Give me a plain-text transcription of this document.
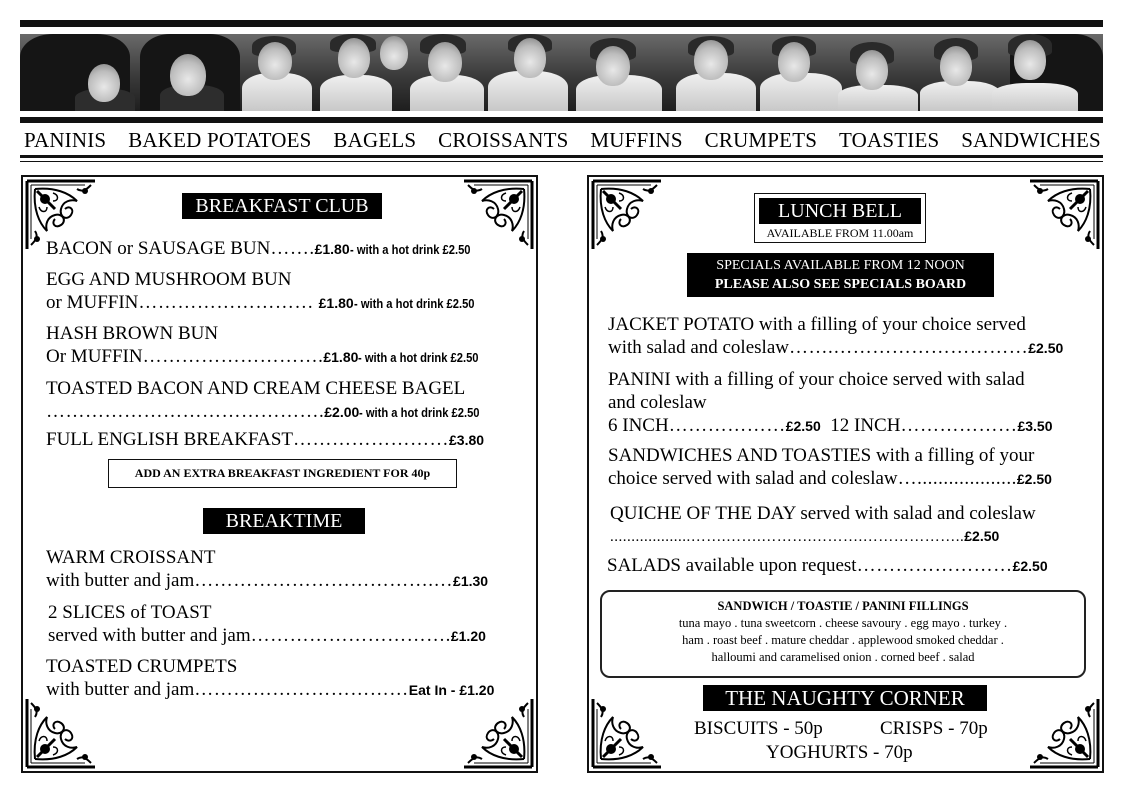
PANINIS BAKED POTATOES BAGELS CROISSANTS MUFFINS CRUMPETS TOASTIES SANDWICHES
BREAKFAST CLUB
BACON or SAUSAGE BUN…….£1.80- with a hot drink £2.50
EGG AND MUSHROOM BUN
or MUFFIN……………………… £1.80- with a hot drink £2.50
HASH BROWN BUN
Or MUFFIN……………………….£1.80- with a hot drink £2.50
TOASTED BACON AND CREAM CHEESE BAGEL
…………………………………….£2.00- with a hot drink £2.50
FULL ENGLISH BREAKFAST……………………£3.80
ADD AN EXTRA BREAKFAST INGREDIENT FOR 40p
BREAKTIME
WARM CROISSANT
with butter and jam……………………………….…£1.30
2 SLICES of TOAST
served with butter and jam………………………….£1.20
TOASTED CRUMPETS
with butter and jam……………………………Eat In - £1.20
LUNCH BELL
AVAILABLE FROM 11.00am
SPECIALS AVAILABLE FROM 12 NOON
PLEASE ALSO SEE SPECIALS BOARD
JACKET POTATO with a filling of your choice served
with salad and coleslaw…….…………………………£2.50
PANINI with a filling of your choice served with salad
and coleslaw
6 INCH………………£2.50 12 INCH………………£3.50
SANDWICHES AND TOASTIES with a filling of your
choice served with salad and coleslaw…...................£2.50
QUICHE OF THE DAY served with salad and coleslaw
...................…….…….……….……….………………..£2.50
SALADS available upon request……………………£2.50
SANDWICH / TOASTIE / PANINI FILLINGS
tuna mayo . tuna sweetcorn . cheese savoury . egg mayo . turkey .
ham . roast beef . mature cheddar . applewood smoked cheddar .
halloumi and caramelised onion . corned beef . salad
THE NAUGHTY CORNER
BISCUITS - 50p	CRISPS - 70p
YOGHURTS - 70p
